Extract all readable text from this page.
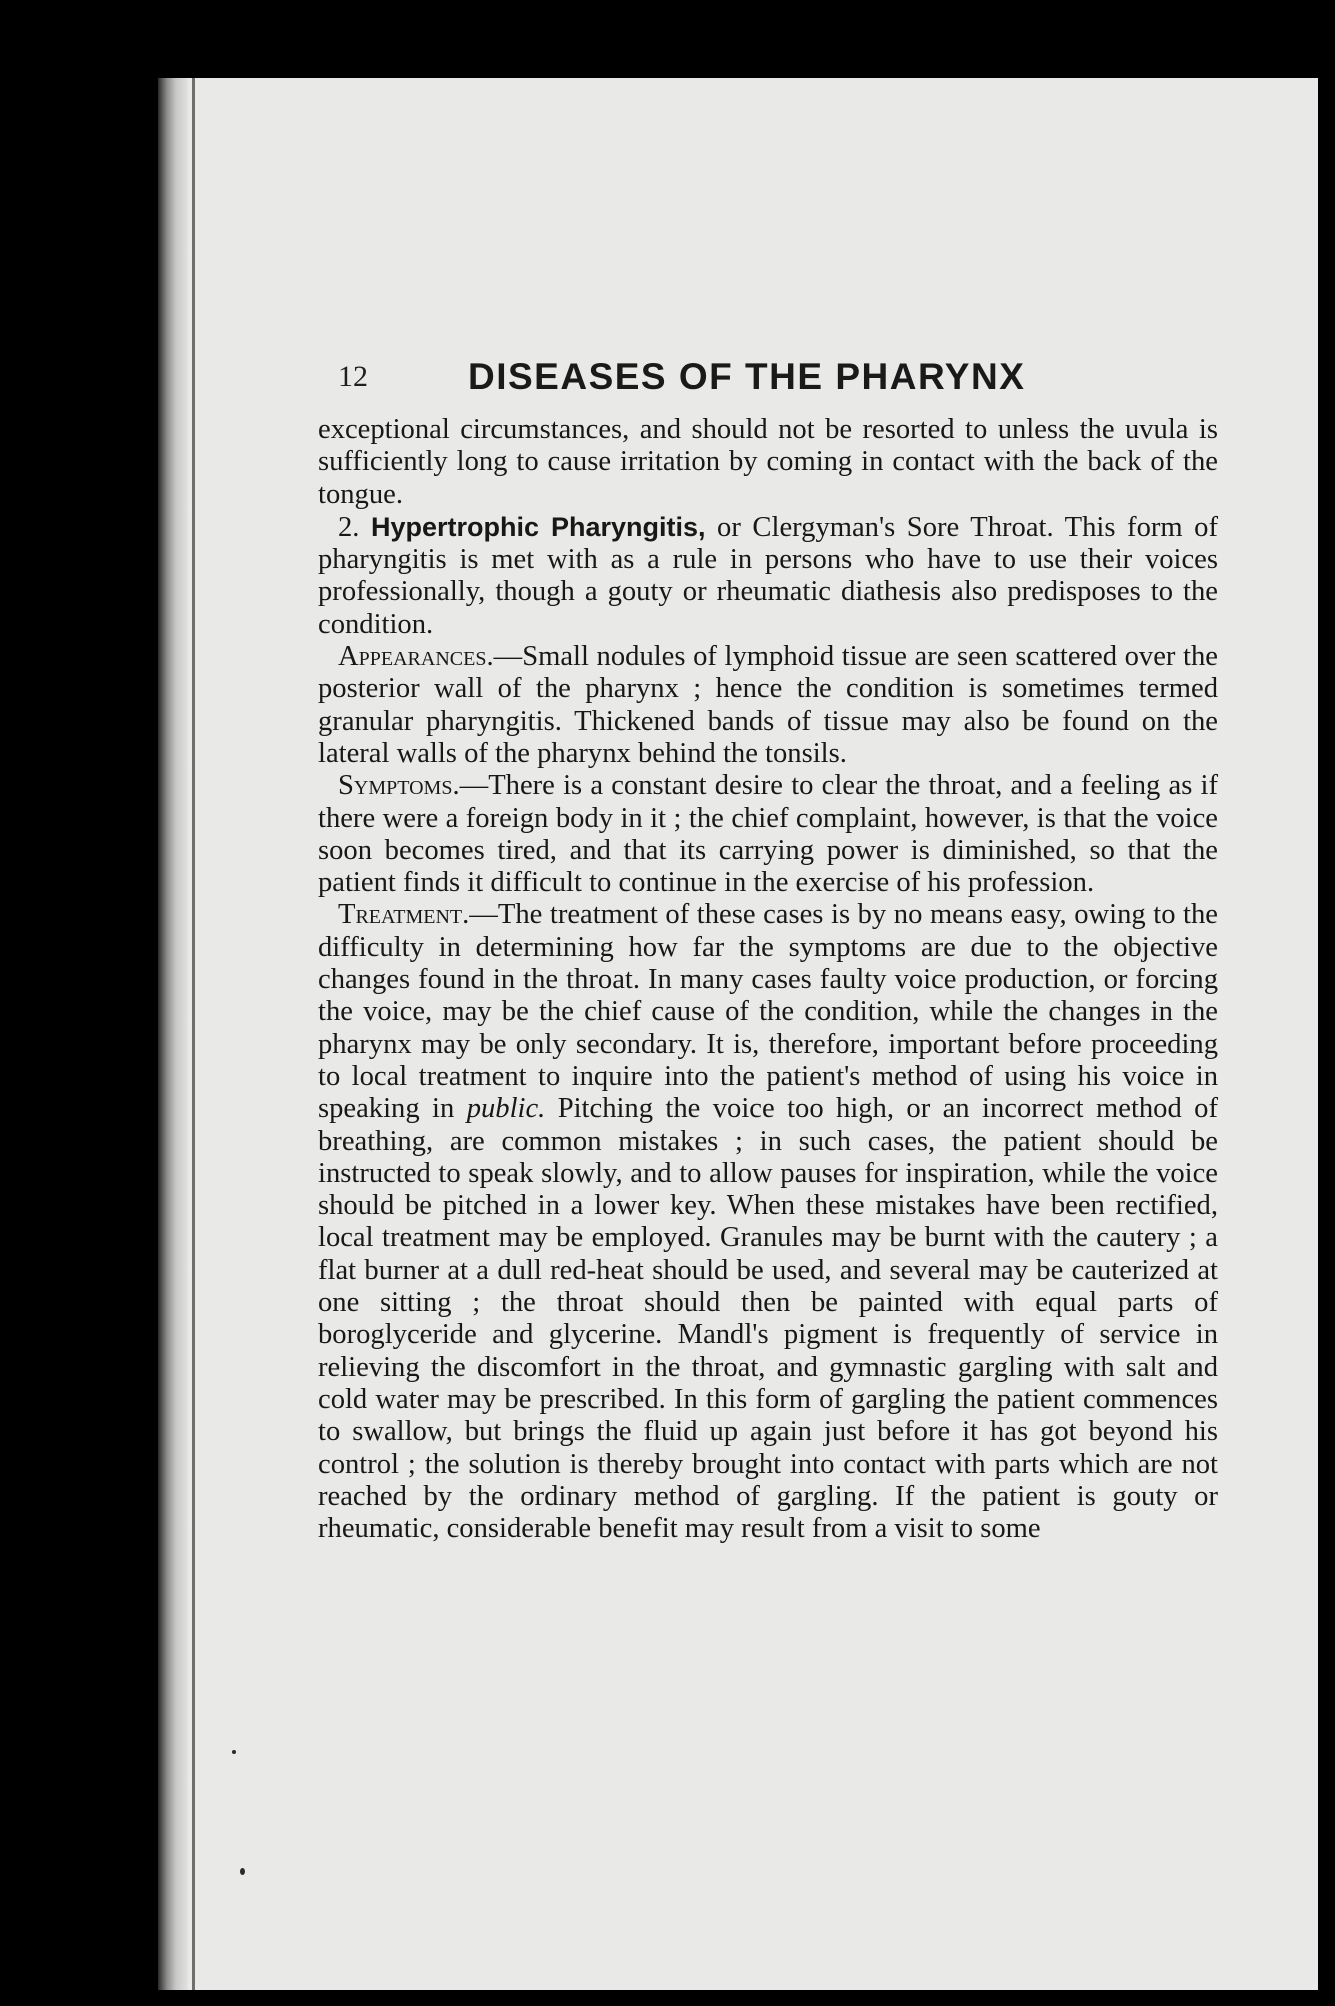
12	DISEASES OF THE PHARYNX

exceptional circumstances, and should not be resorted to unless the uvula is sufficiently long to cause irritation by coming in contact with the back of the tongue.

2. Hypertrophic Pharyngitis, or Clergyman's Sore Throat. This form of pharyngitis is met with as a rule in persons who have to use their voices professionally, though a gouty or rheumatic diathesis also predisposes to the condition.

Appearances.—Small nodules of lymphoid tissue are seen scattered over the posterior wall of the pharynx ; hence the condition is sometimes termed granular pharyngitis. Thickened bands of tissue may also be found on the lateral walls of the pharynx behind the tonsils.

Symptoms.—There is a constant desire to clear the throat, and a feeling as if there were a foreign body in it ; the chief complaint, however, is that the voice soon becomes tired, and that its carrying power is diminished, so that the patient finds it difficult to continue in the exercise of his profession.

Treatment.—The treatment of these cases is by no means easy, owing to the difficulty in determining how far the symptoms are due to the objective changes found in the throat. In many cases faulty voice production, or forcing the voice, may be the chief cause of the condition, while the changes in the pharynx may be only secondary. It is, therefore, important before proceeding to local treatment to inquire into the patient's method of using his voice in speaking in public. Pitching the voice too high, or an incorrect method of breathing, are common mistakes ; in such cases, the patient should be instructed to speak slowly, and to allow pauses for inspiration, while the voice should be pitched in a lower key. When these mistakes have been rectified, local treatment may be employed. Granules may be burnt with the cautery ; a flat burner at a dull red-heat should be used, and several may be cauterized at one sitting ; the throat should then be painted with equal parts of boroglyceride and glycerine. Mandl's pigment is frequently of service in relieving the discomfort in the throat, and gymnastic gargling with salt and cold water may be prescribed. In this form of gargling the patient commences to swallow, but brings the fluid up again just before it has got beyond his control ; the solution is thereby brought into contact with parts which are not reached by the ordinary method of gargling. If the patient is gouty or rheumatic, considerable benefit may result from a visit to some
